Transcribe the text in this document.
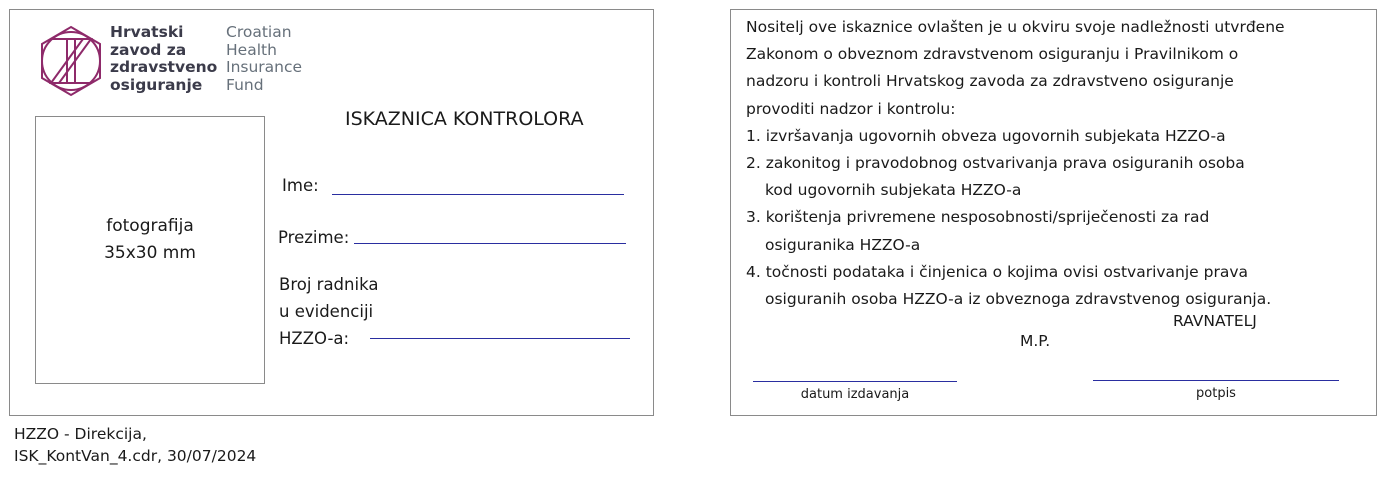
Hrvatski
zavod za
zdravstveno
osiguranje
Croatian
Health
Insurance
Fund
fotografija
35x30 mm
ISKAZNICA KONTROLORA
Ime:
Prezime:
Broj radnika
u evidenciji
HZZO-a:
Nositelj ove iskaznice ovlašten je u okviru svoje nadležnosti utvrđene
Zakonom o obveznom zdravstvenom osiguranju i Pravilnikom o
nadzoru i kontroli Hrvatskog zavoda za zdravstveno osiguranje
provoditi nadzor i kontrolu:
1. izvršavanja ugovornih obveza ugovornih subjekata HZZO-a
2. zakonitog i pravodobnog ostvarivanja prava osiguranih osoba
kod ugovornih subjekata HZZO-a
3. korištenja privremene nesposobnosti/spriječenosti za rad
osiguranika HZZO-a
4. točnosti podataka i činjenica o kojima ovisi ostvarivanje prava
osiguranih osoba HZZO-a iz obveznoga zdravstvenog osiguranja.
RAVNATELJ
M.P.
datum izdavanja	potpis
HZZO - Direkcija,
ISK_KontVan_4.cdr, 30/07/2024
